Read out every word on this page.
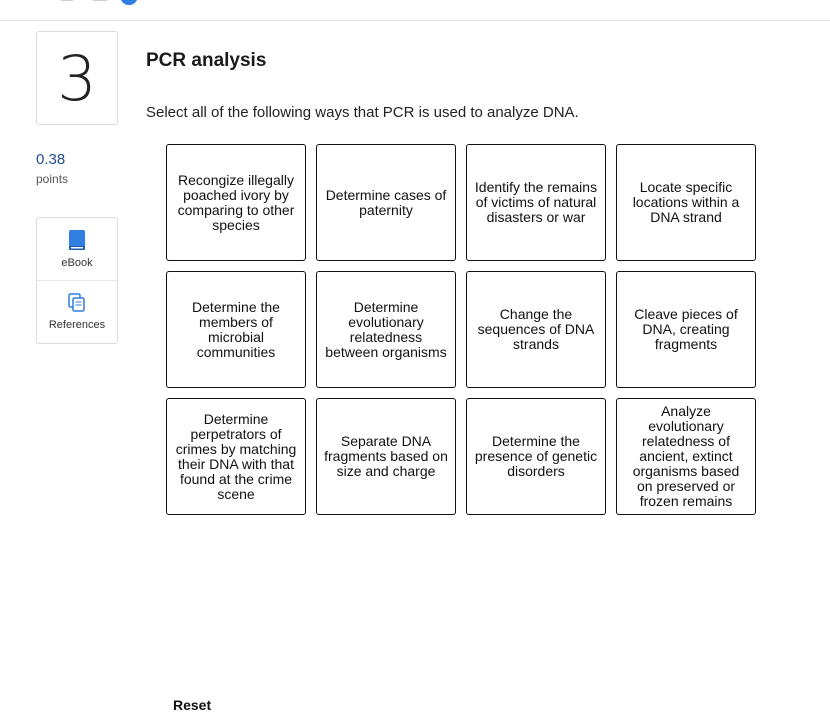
3
0.38
points
eBook
References
PCR analysis
Select all of the following ways that PCR is used to analyze DNA.
Recongize illegally poached ivory by comparing to other species
Determine cases of paternity
Identify the remains of victims of natural disasters or war
Locate specific locations within a DNA strand
Determine the members of microbial communities
Determine evolutionary relatedness between organisms
Change the sequences of DNA strands
Cleave pieces of DNA, creating fragments
Determine perpetrators of crimes by matching their DNA with that found at the crime scene
Separate DNA fragments based on size and charge
Determine the presence of genetic disorders
Analyze evolutionary relatedness of ancient, extinct organisms based on preserved or frozen remains
Reset
